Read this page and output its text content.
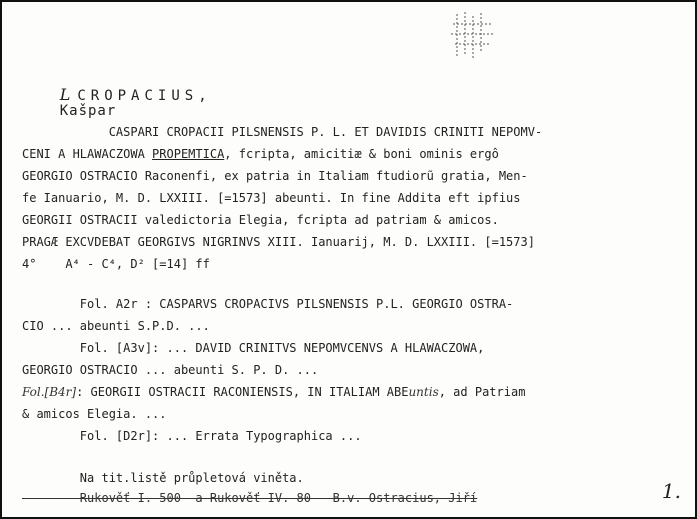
L CROPACIUS,
Kašpar

CASPARI CROPACII PILSNENSIS P. L. ET DAVIDIS CRINITI NEPOMV-
CENI A HLAWACZOWA PROPEMTICA, fcripta, amicitiæ & boni ominis ergô
GEORGIO OSTRACIO Raconenfi, ex patria in Italiam ftudiorũ gratia, Men-
fe Ianuario, M. D. LXXIII. [=1573] abeunti. In fine Addita eft ipfius
GEORGII OSTRACII valedictoria Elegia, fcripta ad patriam & amicos.
PRAGÆ EXCVDEBAT GEORGIVS NIGRINVS XIII. Ianuarij, M. D. LXXIII. [=1573]
4°    A⁴ - C⁴, D² [=14] ff
Fol. A2r : CASPARVS CROPACIVS PILSNENSIS P.L. GEORGIO OSTRA-
CIO ... abeunti S.P.D. ...
Fol. [A3v]: ... DAVID CRINITVS NEPOMVCENVS A HLAWACZOWA,
GEORGIO OSTRACIO ... abeunti S. P. D. ...
Fol.[B4r]: GEORGII OSTRACII RACONIENSIS, IN ITALIAM ABEuntis, ad Patriam
& amicos Elegia. ...
Fol. [D2r]: ... Errata Typographica ...
Na tit.listě průpletová viněta.
Rukověť I. 500  a Rukověť IV. 80 — B.v. Ostracius, Jiří	1.
